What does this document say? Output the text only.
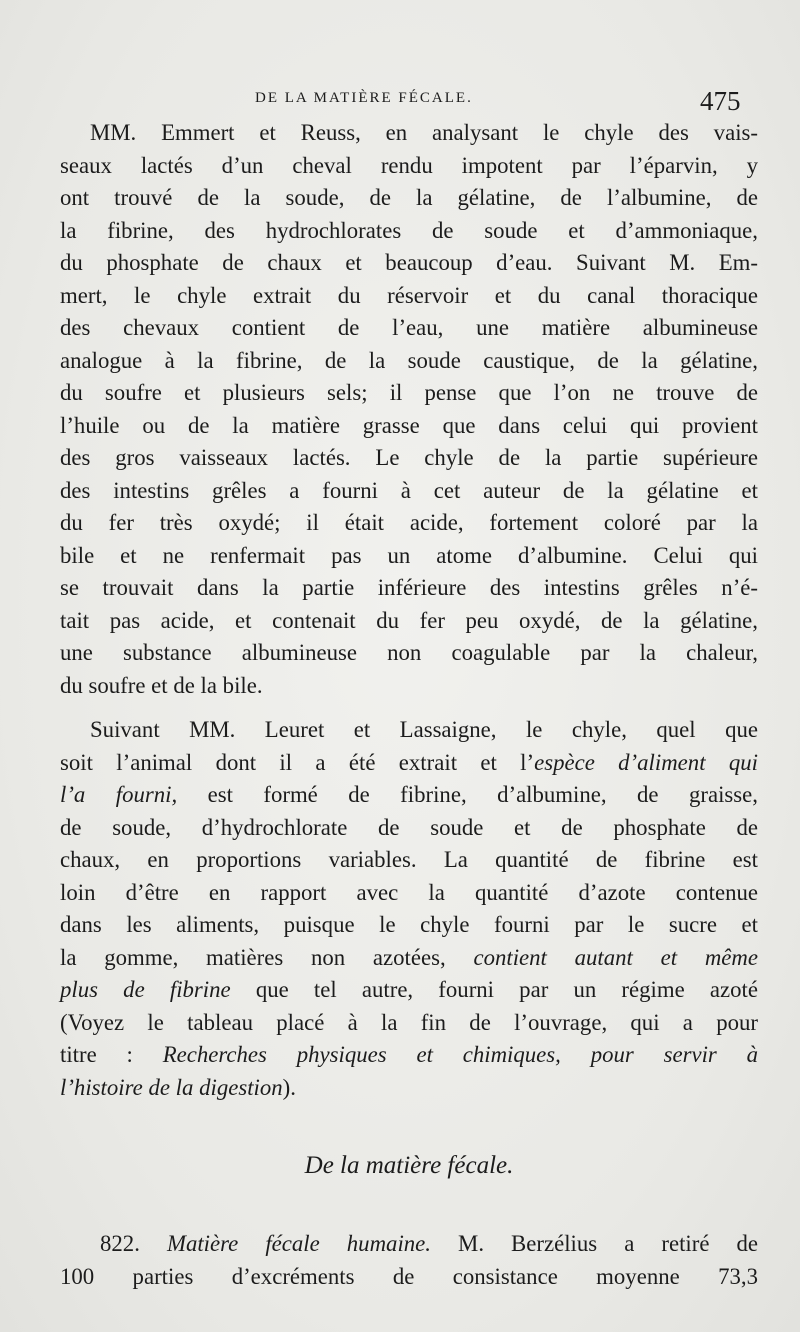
DE LA MATIÈRE FÉCALE.	475
MM. Emmert et Reuss, en analysant le chyle des vais-
seaux lactés d’un cheval rendu impotent par l’éparvin, y
ont trouvé de la soude, de la gélatine, de l’albumine, de
la fibrine, des hydrochlorates de soude et d’ammoniaque,
du phosphate de chaux et beaucoup d’eau. Suivant M. Em-
mert, le chyle extrait du réservoir et du canal thoracique
des chevaux contient de l’eau, une matière albumineuse
analogue à la fibrine, de la soude caustique, de la gélatine,
du soufre et plusieurs sels; il pense que l’on ne trouve de
l’huile ou de la matière grasse que dans celui qui provient
des gros vaisseaux lactés. Le chyle de la partie supérieure
des intestins grêles a fourni à cet auteur de la gélatine et
du fer très oxydé; il était acide, fortement coloré par la
bile et ne renfermait pas un atome d’albumine. Celui qui
se trouvait dans la partie inférieure des intestins grêles n’é-
tait pas acide, et contenait du fer peu oxydé, de la gélatine,
une substance albumineuse non coagulable par la chaleur,
du soufre et de la bile.
Suivant MM. Leuret et Lassaigne, le chyle, quel que
soit l’animal dont il a été extrait et l’espèce d’aliment qui
l’a fourni, est formé de fibrine, d’albumine, de graisse,
de soude, d’hydrochlorate de soude et de phosphate de
chaux, en proportions variables. La quantité de fibrine est
loin d’être en rapport avec la quantité d’azote contenue
dans les aliments, puisque le chyle fourni par le sucre et
la gomme, matières non azotées, contient autant et même
plus de fibrine que tel autre, fourni par un régime azoté
(Voyez le tableau placé à la fin de l’ouvrage, qui a pour
titre : Recherches physiques et chimiques, pour servir à
l’histoire de la digestion).
De la matière fécale.
822. Matière fécale humaine. M. Berzélius a retiré de
100 parties d’excréments de consistance moyenne 73,3
